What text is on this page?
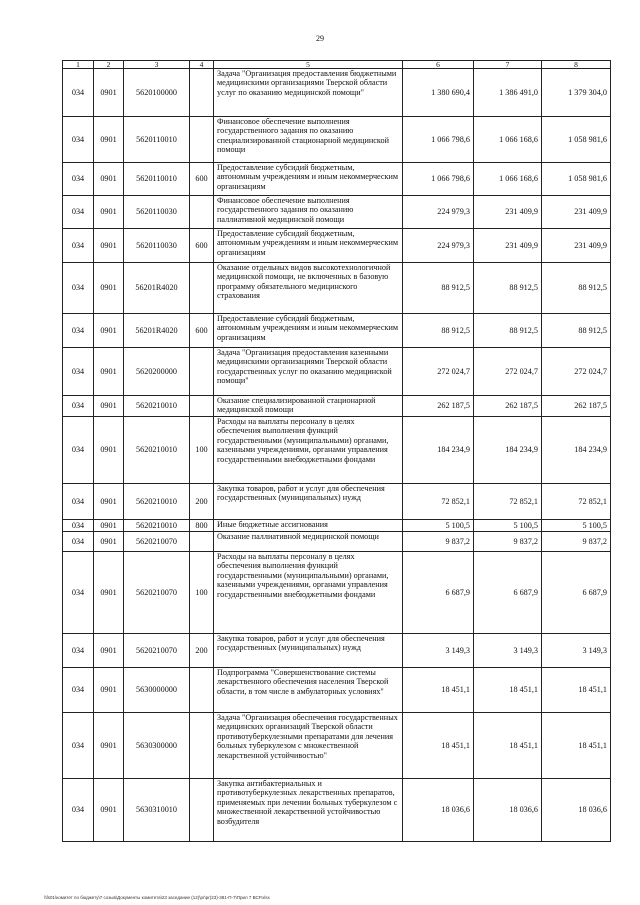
29
1	2	3	4	5	6	7	8
034	0901	5620100000		Задача "Организация предоставления бюджетными медицинскими организациями Тверской области услуг по оказанию медицинской помощи"	1 380 690,4	1 386 491,0	1 379 304,0
034	0901	5620110010		Финансовое обеспечение выполнения государственного задания по оказанию специализированной стационарной медицинской помощи	1 066 798,6	1 066 168,6	1 058 981,6
034	0901	5620110010	600	Предоставление субсидий бюджетным, автономным учреждениям и иным некоммерческим организациям	1 066 798,6	1 066 168,6	1 058 981,6
034	0901	5620110030		Финансовое обеспечение выполнения государственного задания по оказанию паллиативной медицинской помощи	224 979,3	231 409,9	231 409,9
034	0901	5620110030	600	Предоставление субсидий бюджетным, автономным учреждениям и иным некоммерческим организациям	224 979,3	231 409,9	231 409,9
034	0901	56201R4020		Оказание отдельных видов высокотехнологичной медицинской помощи, не включенных в базовую программу обязательного медицинского страхования	88 912,5	88 912,5	88 912,5
034	0901	56201R4020	600	Предоставление субсидий бюджетным, автономным учреждениям и иным некоммерческим организациям	88 912,5	88 912,5	88 912,5
034	0901	5620200000		Задача "Организация предоставления казенными медицинскими организациями Тверской области государственных услуг по оказанию медицинской помощи"	272 024,7	272 024,7	272 024,7
034	0901	5620210010		Оказание специализированной стационарной медицинской помощи	262 187,5	262 187,5	262 187,5
034	0901	5620210010	100	Расходы на выплаты персоналу в целях обеспечения выполнения функций государственными (муниципальными) органами, казенными учреждениями, органами управления государственными внебюджетными фондами	184 234,9	184 234,9	184 234,9
034	0901	5620210010	200	Закупка товаров, работ и услуг для обеспечения государственных (муниципальных) нужд	72 852,1	72 852,1	72 852,1
034	0901	5620210010	800	Иные бюджетные ассигнования	5 100,5	5 100,5	5 100,5
034	0901	5620210070		Оказание паллиативной медицинской помощи	9 837,2	9 837,2	9 837,2
034	0901	5620210070	100	Расходы на выплаты персоналу в целях обеспечения выполнения функций государственными (муниципальными) органами, казенными учреждениями, органами управления государственными внебюджетными фондами	6 687,9	6 687,9	6 687,9
034	0901	5620210070	200	Закупка товаров, работ и услуг для обеспечения государственных (муниципальных) нужд	3 149,3	3 149,3	3 149,3
034	0901	5630000000		Подпрограмма "Совершенствование системы лекарственного обеспечения населения Тверской области, в том числе в амбулаторных условиях"	18 451,1	18 451,1	18 451,1
034	0901	5630300000		Задача "Организация обеспечения государственных медицинских организаций Тверской области противотуберкулезными препаратами для лечения больных туберкулезом с множественной лекарственной устойчивостью"	18 451,1	18 451,1	18 451,1
034	0901	5630310010		Закупка антибактериальных и противотуберкулезных лекарственных препаратов, применяемых при лечении больных туберкулезом с множественной лекарственной устойчивостью возбудителя	18 036,6	18 036,6	18 036,6
\\fs01\комитет по бюджету\7 созыв\Документы комитета\23 заседание (12)\pr\pr(23)-381-П-7\Прил 7 ВСР.xlsx
